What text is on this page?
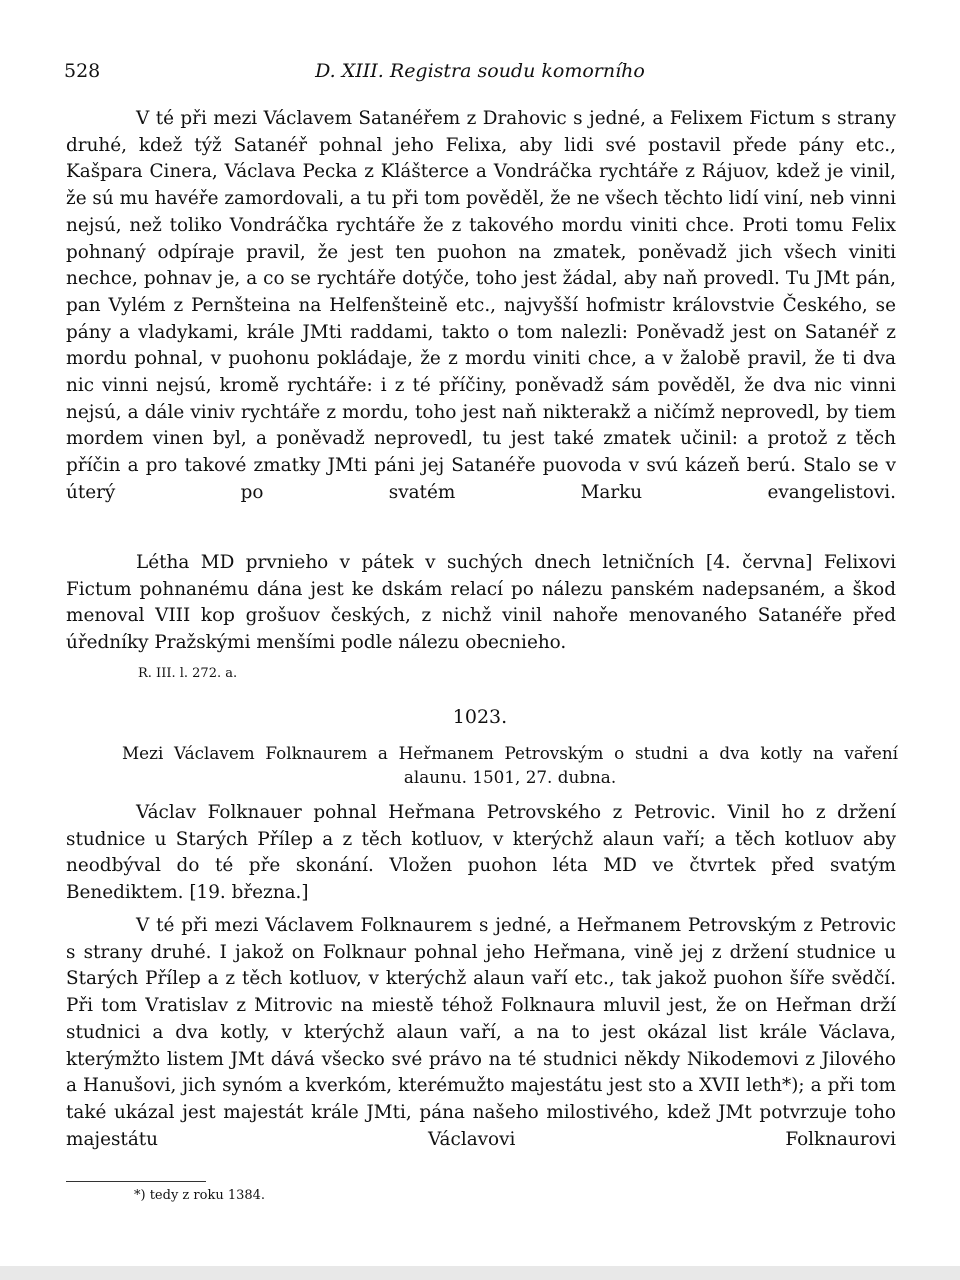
528	D. XIII. Registra soudu komorního

V té při mezi Václavem Satanéřem z Drahovic s jedné, a Felixem Fictum s strany druhé, kdež týž Satanéř pohnal jeho Felixa, aby lidi své postavil přede pány etc., Kašpara Cinera, Václava Pecka z Klášterce a Vondráčka rychtáře z Rájuov, kdež je vinil, že sú mu havéře zamordovali, a tu při tom pověděl, že ne všech těchto lidí viní, neb vinni nejsú, než toliko Vondráčka rychtáře že z takového mordu viniti chce. Proti tomu Felix pohnaný odpíraje pravil, že jest ten puohon na zmatek, poněvadž jich všech viniti nechce, pohnav je, a co se rychtáře dotýče, toho jest žádal, aby naň provedl. Tu JMt pán, pan Vylém z Pernšteina na Helfenšteině etc., najvyšší hofmistr královstvie Českého, se pány a vladykami, krále JMti raddami, takto o tom nalezli: Poněvadž jest on Satanéř z mordu pohnal, v puohonu pokládaje, že z mordu viniti chce, a v žalobě pravil, že ti dva nic vinni nejsú, kromě rychtáře: i z té příčiny, poněvadž sám pověděl, že dva nic vinni nejsú, a dále viniv rychtáře z mordu, toho jest naň nikterakž a ničímž neprovedl, by tiem mordem vinen byl, a poněvadž neprovedl, tu jest také zmatek učinil: a protož z těch příčin a pro takové zmatky JMti páni jej Satanéře puovoda v svú kázeň berú. Stalo se v úterý po svatém Marku evangelistovi.

Létha MD prvnieho v pátek v suchých dnech letničních [4. června] Felixovi Fictum pohnanému dána jest ke dskám relací po nálezu panském nadepsaném, a škod menoval VIII kop grošuov českých, z nichž vinil nahoře menovaného Satanéře před úředníky Pražskými menšími podle nálezu obecnieho.

R. III. l. 272. a.
1023.
Mezi Václavem Folknaurem a Heřmanem Petrovským o studni a dva kotly na vaření alaunu. 1501, 27. dubna.

Václav Folknauer pohnal Heřmana Petrovského z Petrovic. Vinil ho z držení studnice u Starých Přílep a z těch kotluov, v kterýchž alaun vaří; a těch kotluov aby neodbýval do té pře skonání. Vložen puohon léta MD ve čtvrtek před svatým Benediktem. [19. března.]

V té při mezi Václavem Folknaurem s jedné, a Heřmanem Petrovským z Petrovic s strany druhé. I jakož on Folknaur pohnal jeho Heřmana, vině jej z držení studnice u Starých Přílep a z těch kotluov, v kterýchž alaun vaří etc., tak jakož puohon šíře svědčí. Při tom Vratislav z Mitrovic na miestě téhož Folknaura mluvil jest, že on Heřman drží studnici a dva kotly, v kterýchž alaun vaří, a na to jest okázal list krále Václava, kterýmžto listem JMt dává všecko své právo na té studnici někdy Nikodemovi z Jilového a Hanušovi, jich synóm a kverkóm, kterémužto majestátu jest sto a XVII leth*); a při tom také ukázal jest majestát krále JMti, pána našeho milostivého, kdež JMt potvrzuje toho majestátu Václavovi Folknaurovi

*) tedy z roku 1384.
